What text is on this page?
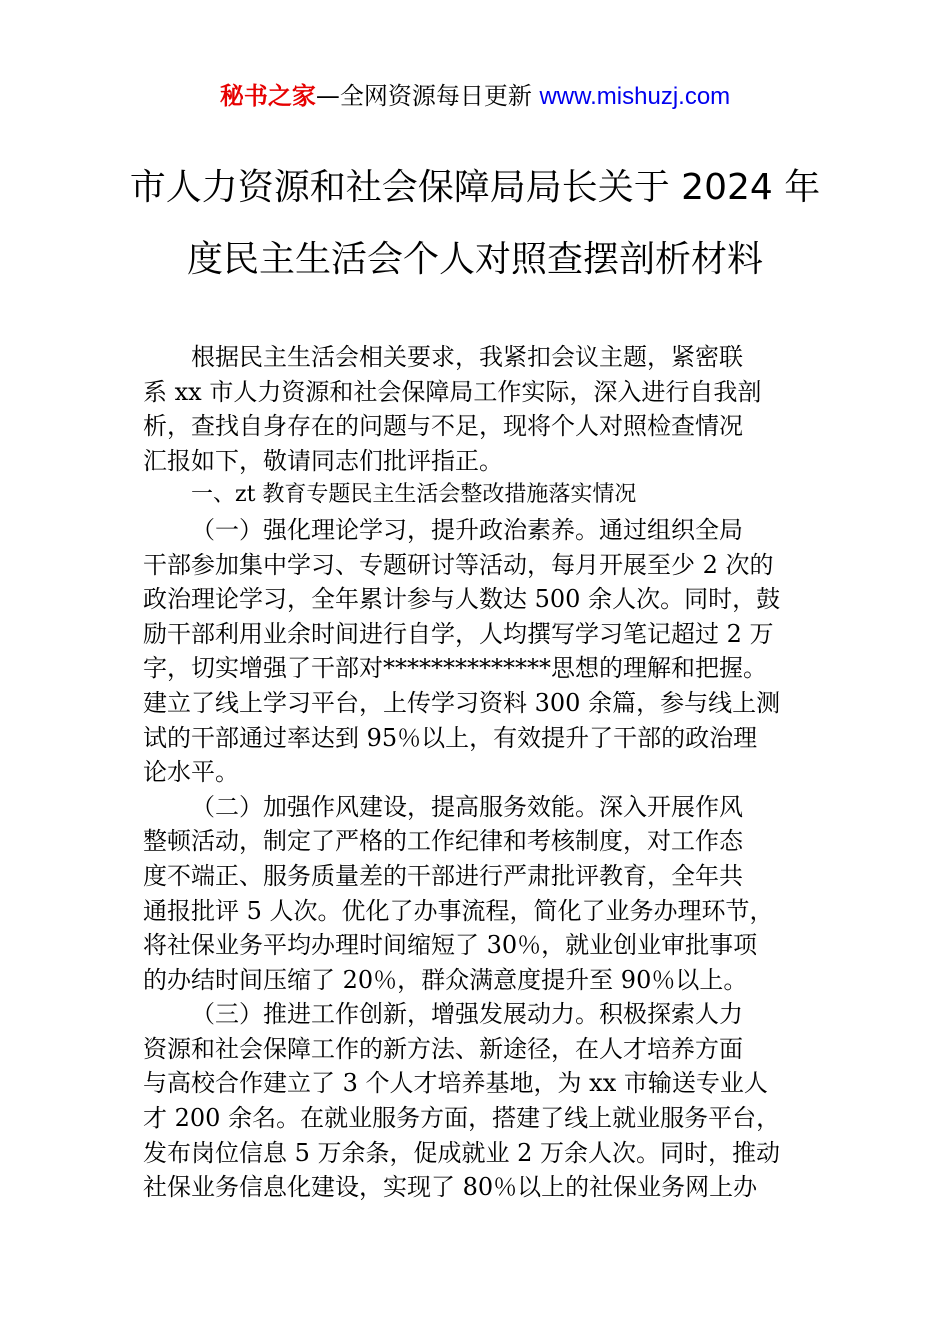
秘书之家—全网资源每日更新 www.mishuzj.com
市人力资源和社会保障局局长关于 2024 年
度民主生活会个人对照查摆剖析材料

根据民主生活会相关要求，我紧扣会议主题，紧密联
系 xx 市人力资源和社会保障局工作实际，深入进行自我剖
析，查找自身存在的问题与不足，现将个人对照检查情况
汇报如下，敬请同志们批评指正。

一、zt 教育专题民主生活会整改措施落实情况

（一）强化理论学习，提升政治素养。通过组织全局
干部参加集中学习、专题研讨等活动，每月开展至少 2 次的
政治理论学习，全年累计参与人数达 500 余人次。同时，鼓
励干部利用业余时间进行自学，人均撰写学习笔记超过 2 万
字，切实增强了干部对**************思想的理解和把握。
建立了线上学习平台，上传学习资料 300 余篇，参与线上测
试的干部通过率达到 95％以上，有效提升了干部的政治理
论水平。

（二）加强作风建设，提高服务效能。深入开展作风
整顿活动，制定了严格的工作纪律和考核制度，对工作态
度不端正、服务质量差的干部进行严肃批评教育，全年共
通报批评 5 人次。优化了办事流程，简化了业务办理环节，
将社保业务平均办理时间缩短了 30％，就业创业审批事项
的办结时间压缩了 20％，群众满意度提升至 90％以上。

（三）推进工作创新，增强发展动力。积极探索人力
资源和社会保障工作的新方法、新途径，在人才培养方面
与高校合作建立了 3 个人才培养基地，为 xx 市输送专业人
才 200 余名。在就业服务方面，搭建了线上就业服务平台，
发布岗位信息 5 万余条，促成就业 2 万余人次。同时，推动
社保业务信息化建设，实现了 80％以上的社保业务网上办
